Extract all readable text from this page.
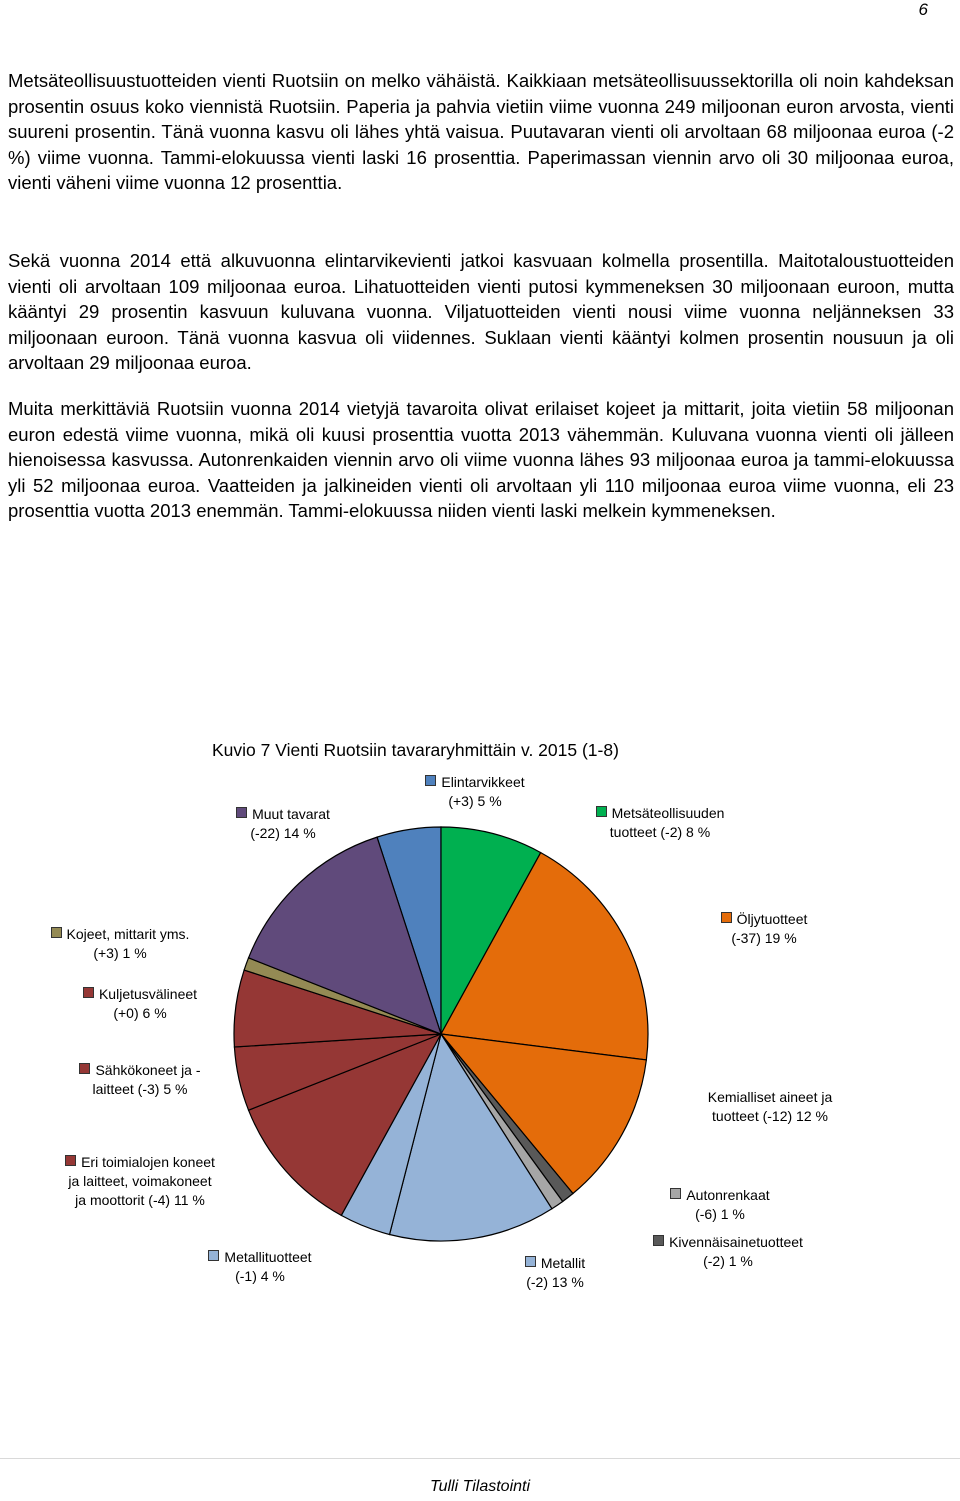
6

Metsäteollisuustuotteiden vienti Ruotsiin on melko vähäistä. Kaikkiaan metsäteollisuussektorilla oli noin kahdeksan prosentin osuus koko viennistä Ruotsiin. Paperia ja pahvia vietiin viime vuonna 249 miljoonan euron arvosta, vienti suureni prosentin. Tänä vuonna kasvu oli lähes yhtä vaisua. Puutavaran vienti oli arvoltaan 68 miljoonaa euroa (-2 %) viime vuonna. Tammi-elokuussa vienti laski 16 prosenttia. Paperimassan viennin arvo oli 30 miljoonaa euroa, vienti väheni viime vuonna 12 prosenttia.

Sekä vuonna 2014 että alkuvuonna elintarvikevienti jatkoi kasvuaan kolmella prosentilla. Maitotaloustuotteiden vienti oli arvoltaan 109 miljoonaa euroa. Lihatuotteiden vienti putosi kymmeneksen 30 miljoonaan euroon, mutta kääntyi 29 prosentin kasvuun kuluvana vuonna. Viljatuotteiden vienti nousi viime vuonna neljänneksen 33 miljoonaan euroon. Tänä vuonna kasvua oli viidennes. Suklaan vienti kääntyi kolmen prosentin nousuun ja oli arvoltaan 29 miljoonaa euroa.

Muita merkittäviä Ruotsiin vuonna 2014 vietyjä tavaroita olivat erilaiset kojeet ja mittarit, joita vietiin 58 miljoonan euron edestä viime vuonna, mikä oli kuusi prosenttia vuotta 2013 vähemmän. Kuluvana vuonna vienti oli jälleen hienoisessa kasvussa. Autonrenkaiden viennin arvo oli viime vuonna lähes 93 miljoonaa euroa ja tammi-elokuussa yli 52 miljoonaa euroa. Vaatteiden ja jalkineiden vienti oli arvoltaan yli 110 miljoonaa euroa viime vuonna, eli 23 prosenttia vuotta 2013 enemmän. Tammi-elokuussa niiden vienti laski melkein kymmeneksen.

Kuvio 7 Vienti Ruotsiin tavararyhmittäin v. 2015 (1-8)
Elintarvikkeet
(+3) 5 %
Metsäteollisuuden
tuotteet (-2) 8 %
Öljytuotteet
(-37) 19 %
Kemialliset aineet ja
tuotteet (-12) 12 %
Kivennäisainetuotteet
(-2) 1 %
Autonrenkaat
(-6) 1 %
Metallit
(-2) 13 %
Metallituotteet
(-1) 4 %
Eri toimialojen koneet
ja laitteet, voimakoneet
ja moottorit (-4) 11 %
Sähkökoneet ja -
laitteet (-3) 5 %
Kuljetusvälineet
(+0) 6 %
Kojeet, mittarit yms.
(+3) 1 %
Muut tavarat
(-22) 14 %
Tulli Tilastointi
